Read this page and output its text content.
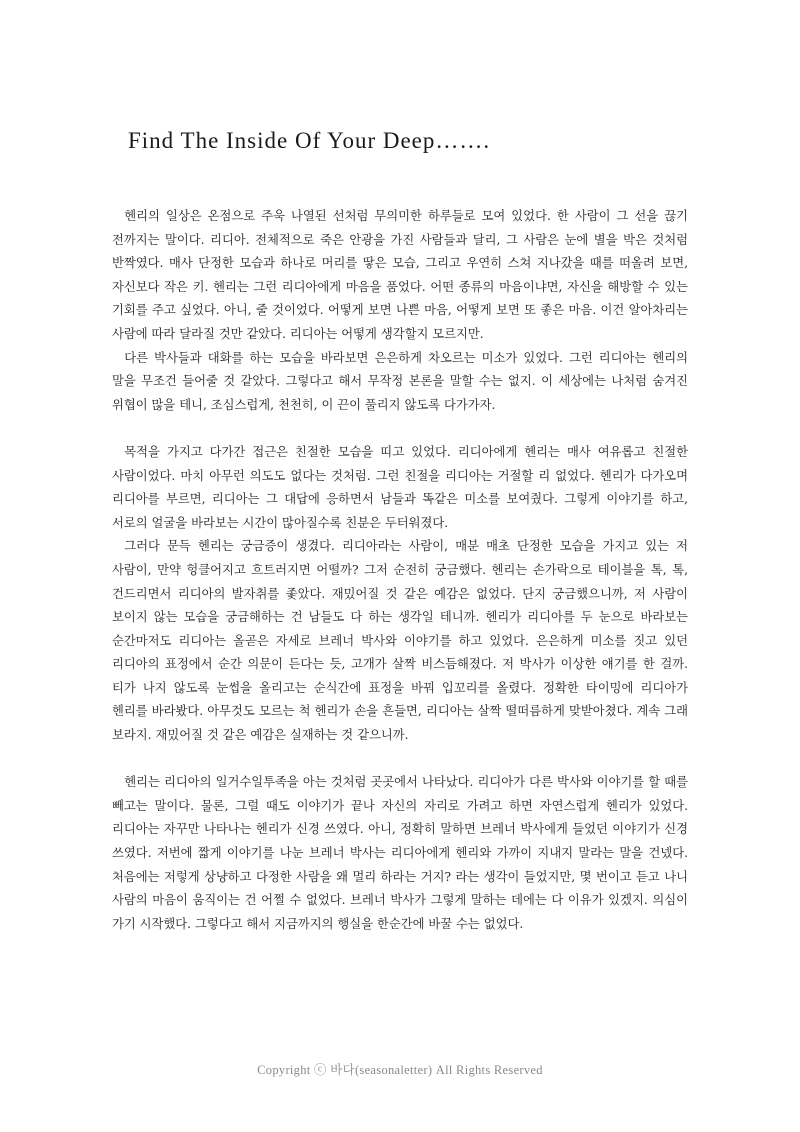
Find The Inside Of Your Deep…….

헨리의 일상은 온점으로 주욱 나열된 선처럼 무의미한 하루들로 모여 있었다. 한 사람이 그 선을 끊기 전까지는 말이다. 리디아. 전체적으로 죽은 안광을 가진 사람들과 달리, 그 사람은 눈에 별을 박은 것처럼 반짝였다. 매사 단정한 모습과 하나로 머리를 땋은 모습, 그리고 우연히 스쳐 지나갔을 때를 떠올려 보면, 자신보다 작은 키. 헨리는 그런 리디아에게 마음을 품었다. 어떤 종류의 마음이냐면, 자신을 해방할 수 있는 기회를 주고 싶었다. 아니, 줄 것이었다. 어떻게 보면 나쁜 마음, 어떻게 보면 또 좋은 마음. 이건 알아차리는 사람에 따라 달라질 것만 같았다. 리디아는 어떻게 생각할지 모르지만.

다른 박사들과 대화를 하는 모습을 바라보면 은은하게 차오르는 미소가 있었다. 그런 리디아는 헨리의 말을 무조건 들어줄 것 같았다. 그렇다고 해서 무작정 본론을 말할 수는 없지. 이 세상에는 나처럼 숨겨진 위협이 많을 테니, 조심스럽게, 천천히, 이 끈이 풀리지 않도록 다가가자.

목적을 가지고 다가간 접근은 친절한 모습을 띠고 있었다. 리디아에게 헨리는 매사 여유롭고 친절한 사람이었다. 마치 아무런 의도도 없다는 것처럼. 그런 친절을 리디아는 거절할 리 없었다. 헨리가 다가오며 리디아를 부르면, 리디아는 그 대답에 응하면서 남들과 똑같은 미소를 보여줬다. 그렇게 이야기를 하고, 서로의 얼굴을 바라보는 시간이 많아질수록 친분은 두터워졌다.

그러다 문득 헨리는 궁금증이 생겼다. 리디아라는 사람이, 매분 매초 단정한 모습을 가지고 있는 저 사람이, 만약 헝클어지고 흐트러지면 어떨까? 그저 순전히 궁금했다. 헨리는 손가락으로 테이블을 톡, 톡, 건드리면서 리디아의 발자취를 좇았다. 재밌어질 것 같은 예감은 없었다. 단지 궁금했으니까, 저 사람이 보이지 않는 모습을 궁금해하는 건 남들도 다 하는 생각일 테니까. 헨리가 리디아를 두 눈으로 바라보는 순간마저도 리디아는 올곧은 자세로 브레너 박사와 이야기를 하고 있었다. 은은하게 미소를 짓고 있던 리디아의 표정에서 순간 의문이 든다는 듯, 고개가 살짝 비스듬해졌다. 저 박사가 이상한 얘기를 한 걸까. 티가 나지 않도록 눈썹을 올리고는 순식간에 표정을 바꿔 입꼬리를 올렸다. 정확한 타이밍에 리디아가 헨리를 바라봤다. 아무것도 모르는 척 헨리가 손을 흔들면, 리디아는 살짝 떨떠름하게 맞받아쳤다. 계속 그래 보라지. 재밌어질 것 같은 예감은 실재하는 것 같으니까.

헨리는 리디아의 일거수일투족을 아는 것처럼 곳곳에서 나타났다. 리디아가 다른 박사와 이야기를 할 때를 빼고는 말이다. 물론, 그럴 때도 이야기가 끝나 자신의 자리로 가려고 하면 자연스럽게 헨리가 있었다. 리디아는 자꾸만 나타나는 헨리가 신경 쓰였다. 아니, 정확히 말하면 브레너 박사에게 들었던 이야기가 신경 쓰였다. 저번에 짧게 이야기를 나눈 브레너 박사는 리디아에게 헨리와 가까이 지내지 말라는 말을 건넸다. 처음에는 저렇게 상냥하고 다정한 사람을 왜 멀리 하라는 거지? 라는 생각이 들었지만, 몇 번이고 듣고 나니 사람의 마음이 움직이는 건 어쩔 수 없었다. 브레너 박사가 그렇게 말하는 데에는 다 이유가 있겠지. 의심이 가기 시작했다. 그렇다고 해서 지금까지의 행실을 한순간에 바꿀 수는 없었다.

Copyright ⓒ 바다(seasonaletter) All Rights Reserved
